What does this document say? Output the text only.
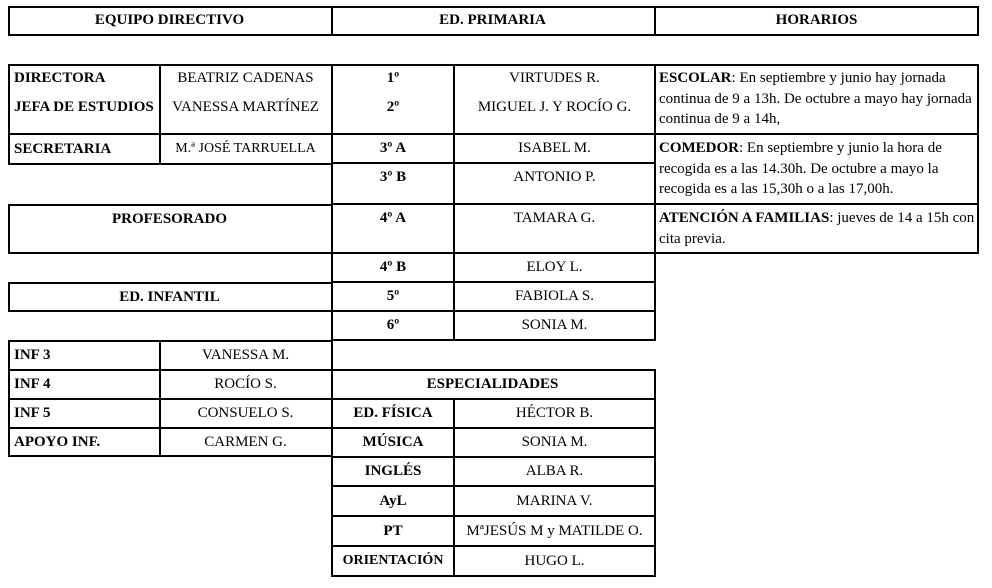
EQUIPO DIRECTIVO	ED. PRIMARIA	HORARIOS
DIRECTORA	BEATRIZ CADENAS
JEFA DE ESTUDIOS	VANESSA MARTÍNEZ
SECRETARIA	M.ª JOSÉ TARRUELLA
PROFESORADO
ED. INFANTIL
INF 3	VANESSA M.
INF 4	ROCÍO S.
INF 5	CONSUELO S.
APOYO INF.	CARMEN G.
1º	VIRTUDES R.
2º	MIGUEL J. Y ROCÍO G.
3º A	ISABEL M.
3º B	ANTONIO P.
4º A	TAMARA G.
4º B	ELOY L.
5º	FABIOLA S.
6º	SONIA M.
ESPECIALIDADES
ED. FÍSICA	HÉCTOR B.
MÚSICA	SONIA M.
INGLÉS	ALBA R.
AyL	MARINA V.
PT	MªJESÚS M y MATILDE O.
ORIENTACIÓN	HUGO L.
ESCOLAR: En septiembre y junio hay jornada continua de 9 a 13h. De octubre a mayo hay jornada continua de 9 a 14h,
COMEDOR: En septiembre y junio la hora de recogida es a las 14.30h. De octubre a mayo la recogida es a las 15,30h o a las 17,00h.
ATENCIÓN A FAMILIAS: jueves de 14 a 15h con cita previa.
